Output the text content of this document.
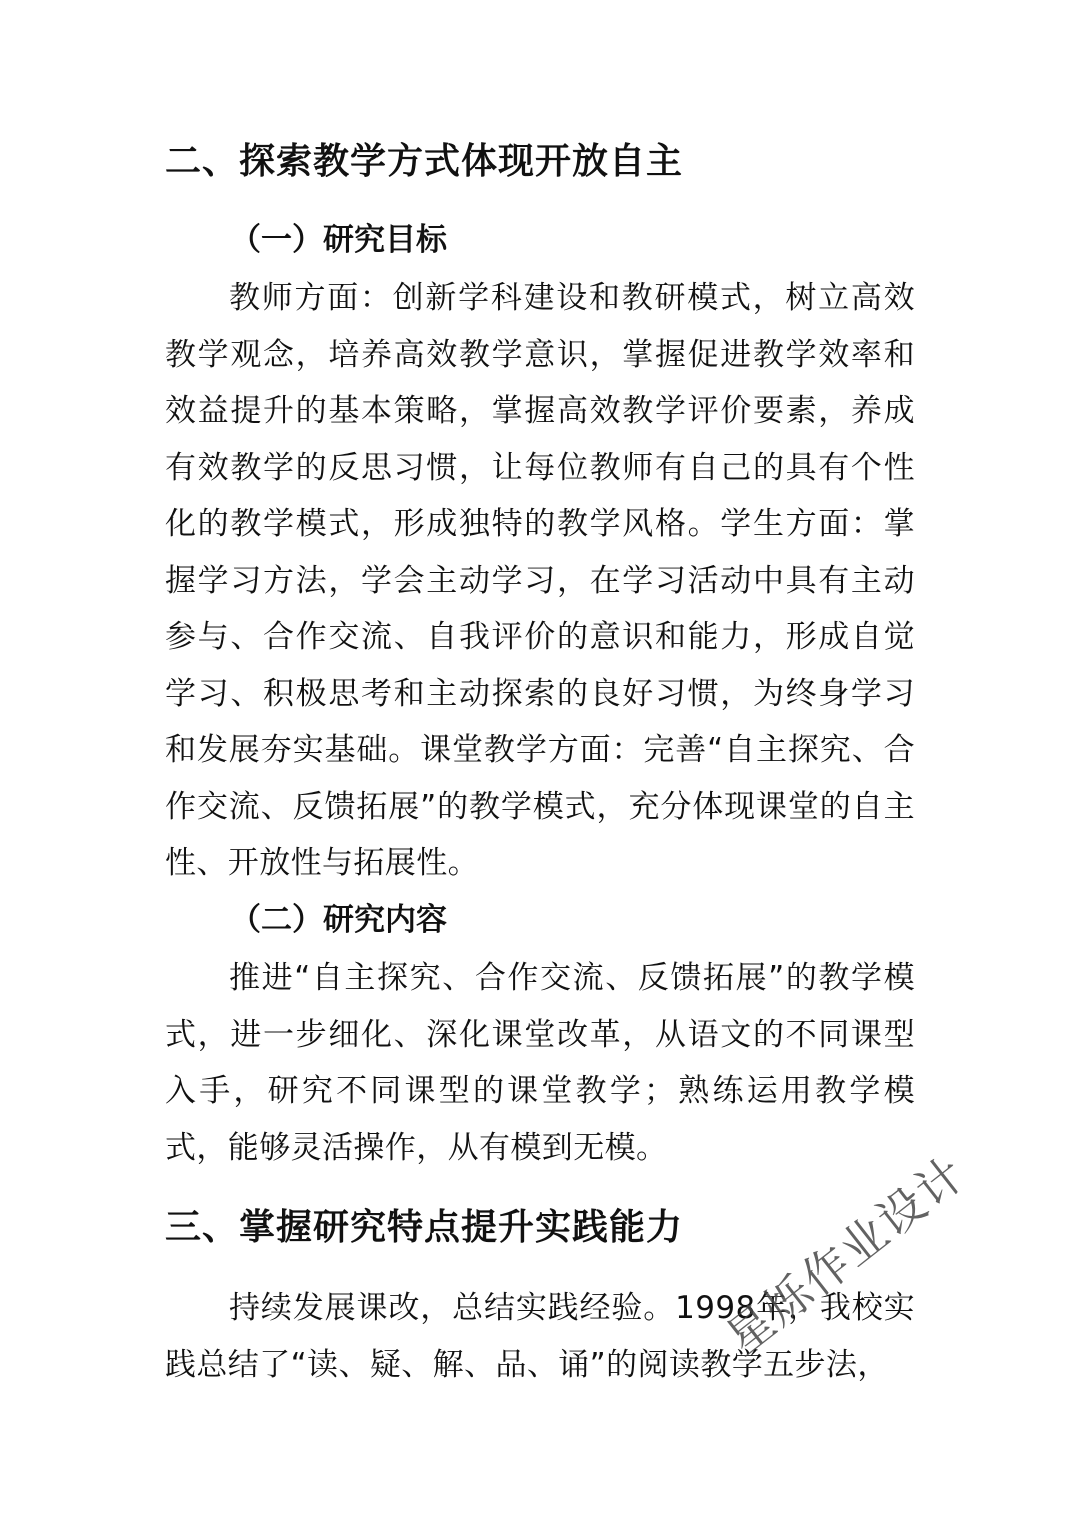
二、探索教学方式体现开放自主
（一）研究目标
教师方面：创新学科建设和教研模式，树立高效教学观念，培养高效教学意识，掌握促进教学效率和效益提升的基本策略，掌握高效教学评价要素，养成有效教学的反思习惯，让每位教师有自己的具有个性化的教学模式，形成独特的教学风格。学生方面：掌握学习方法，学会主动学习，在学习活动中具有主动参与、合作交流、自我评价的意识和能力，形成自觉学习、积极思考和主动探索的良好习惯，为终身学习和发展夯实基础。课堂教学方面：完善“自主探究、合作交流、反馈拓展”的教学模式，充分体现课堂的自主性、开放性与拓展性。
（二）研究内容
推进“自主探究、合作交流、反馈拓展”的教学模式，进一步细化、深化课堂改革，从语文的不同课型入手，研究不同课型的课堂教学；熟练运用教学模式，能够灵活操作，从有模到无模。
三、掌握研究特点提升实践能力
持续发展课改，总结实践经验。1998年，我校实践总结了“读、疑、解、品、诵”的阅读教学五步法，
星烁作业设计
